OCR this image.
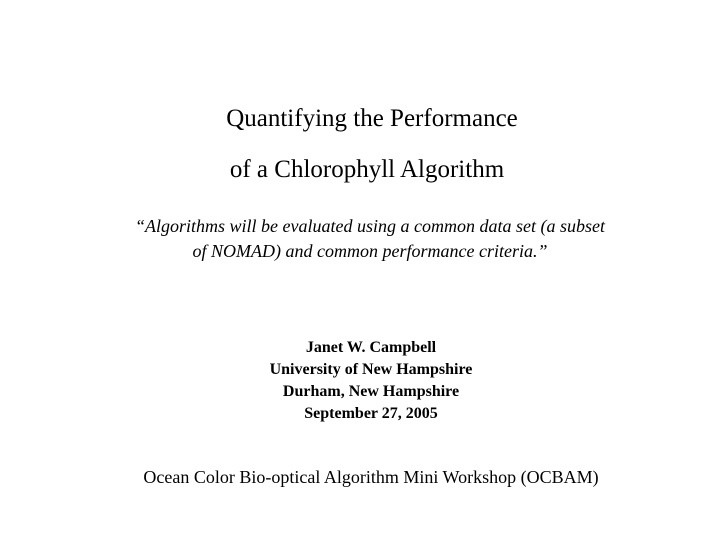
Quantifying the Performance
of a Chlorophyll Algorithm
“Algorithms will be evaluated using a common data set (a subset
of NOMAD) and common performance criteria.”
Janet W. Campbell
University of New Hampshire
Durham, New Hampshire
September 27, 2005
Ocean Color Bio-optical Algorithm Mini Workshop (OCBAM)
